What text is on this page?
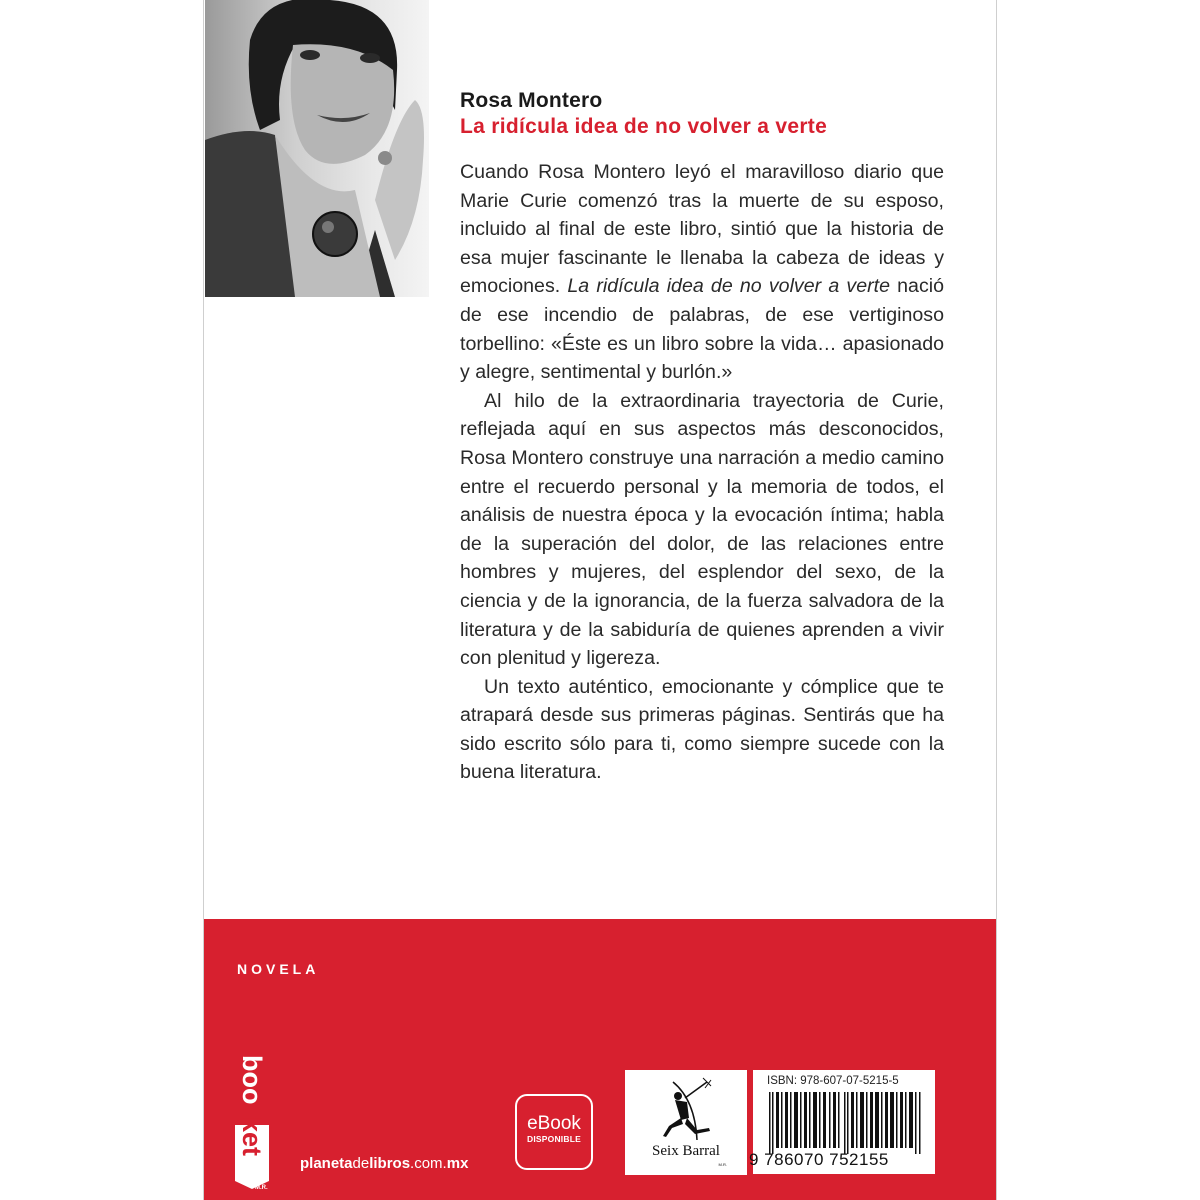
Rosa Montero
La ridícula idea de no volver a verte

Cuando Rosa Montero leyó el maravilloso diario que Marie Curie comenzó tras la muerte de su esposo, incluido al final de este libro, sintió que la historia de esa mujer fascinante le llenaba la cabeza de ideas y emociones. La ridícula idea de no volver a verte nació de ese incendio de palabras, de ese vertiginoso torbellino: «Éste es un libro sobre la vida… apasionado y alegre, sentimental y burlón.»

Al hilo de la extraordinaria trayectoria de Curie, reflejada aquí en sus aspectos más desconocidos, Rosa Montero construye una narración a medio camino entre el recuerdo personal y la memoria de todos, el análisis de nuestra época y la evocación íntima; habla de la superación del dolor, de las relaciones entre hombres y mujeres, del esplendor del sexo, de la ciencia y de la ignorancia, de la fuerza salvadora de la literatura y de la sabiduría de quienes aprenden a vivir con plenitud y ligereza.

Un texto auténtico, emocionante y cómplice que te atrapará desde sus primeras páginas. Sentirás que ha sido escrito sólo para ti, como siempre sucede con la buena literatura.

NOVELA
boo
ket
M.R.
planetadelibros.com.mx
eBook
DISPONIBLE
Seix Barral
M.R.
ISBN: 978-607-07-5215-5
9 786070 752155
